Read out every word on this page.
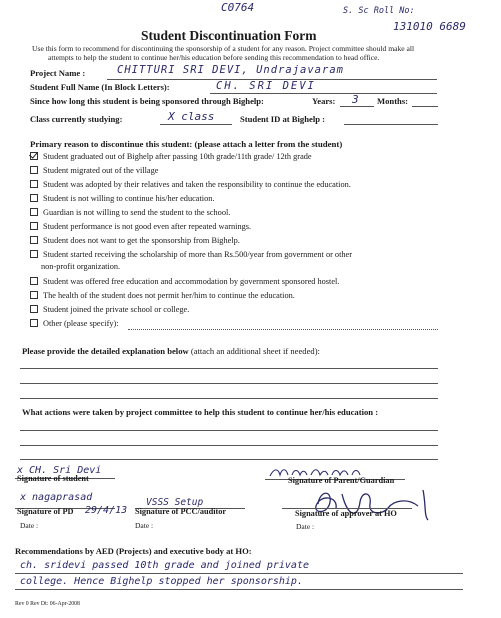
C0764	S. Sc Roll No:
131010 6689
Student Discontinuation Form
Use this form to recommend for discontinuing the sponsorship of a student for any reason. Project committee should make all
attempts to help the student to continue her/his education before sending this recommendation to head office.
Project Name :	CHITTURI SRI DEVI, Undrajavaram
Student Full Name (In Block Letters):	CH. SRI DEVI
Since how long this student is being sponsored through Bighelp:	Years: 3 Months:
Class currently studying:	X class	Student ID at Bighelp :
Primary reason to discontinue this student: (please attach a letter from the student)
Student graduated out of Bighelp after passing 10th grade/11th grade/ 12th grade
Student migrated out of the village
Student was adopted by their relatives and taken the responsibility to continue the education.
Student is not willing to continue his/her education.
Guardian is not willing to send the student to the school.
Student performance is not good even after repeated warnings.
Student does not want to get the sponsorship from Bighelp.
Student started receiving the scholarship of more than Rs.500/year from government or other
non-profit organization.
Student was offered free education and accommodation by government sponsored hostel.
The health of the student does not permit her/him to continue the education.
Student joined the private school or college.
Other (please specify):
Please provide the detailed explanation below (attach an additional sheet if needed):
What actions were taken by project committee to help this student to continue her/his education :
x CH. Sri Devi
Signature of student	Signature of Parent/Guardian
x nagaprasad
Signature of PD 29/4/13
Date :
VSSS Setup
Signature of PCC/auditor
Date :
Signature of approver at HO
Date :
Recommendations by AED (Projects) and executive body at HO:
ch. sridevi passed 10th grade and joined private
college. Hence Bighelp stopped her sponsorship.
Rev 0 Rev Dt: 06-Apr-2008
